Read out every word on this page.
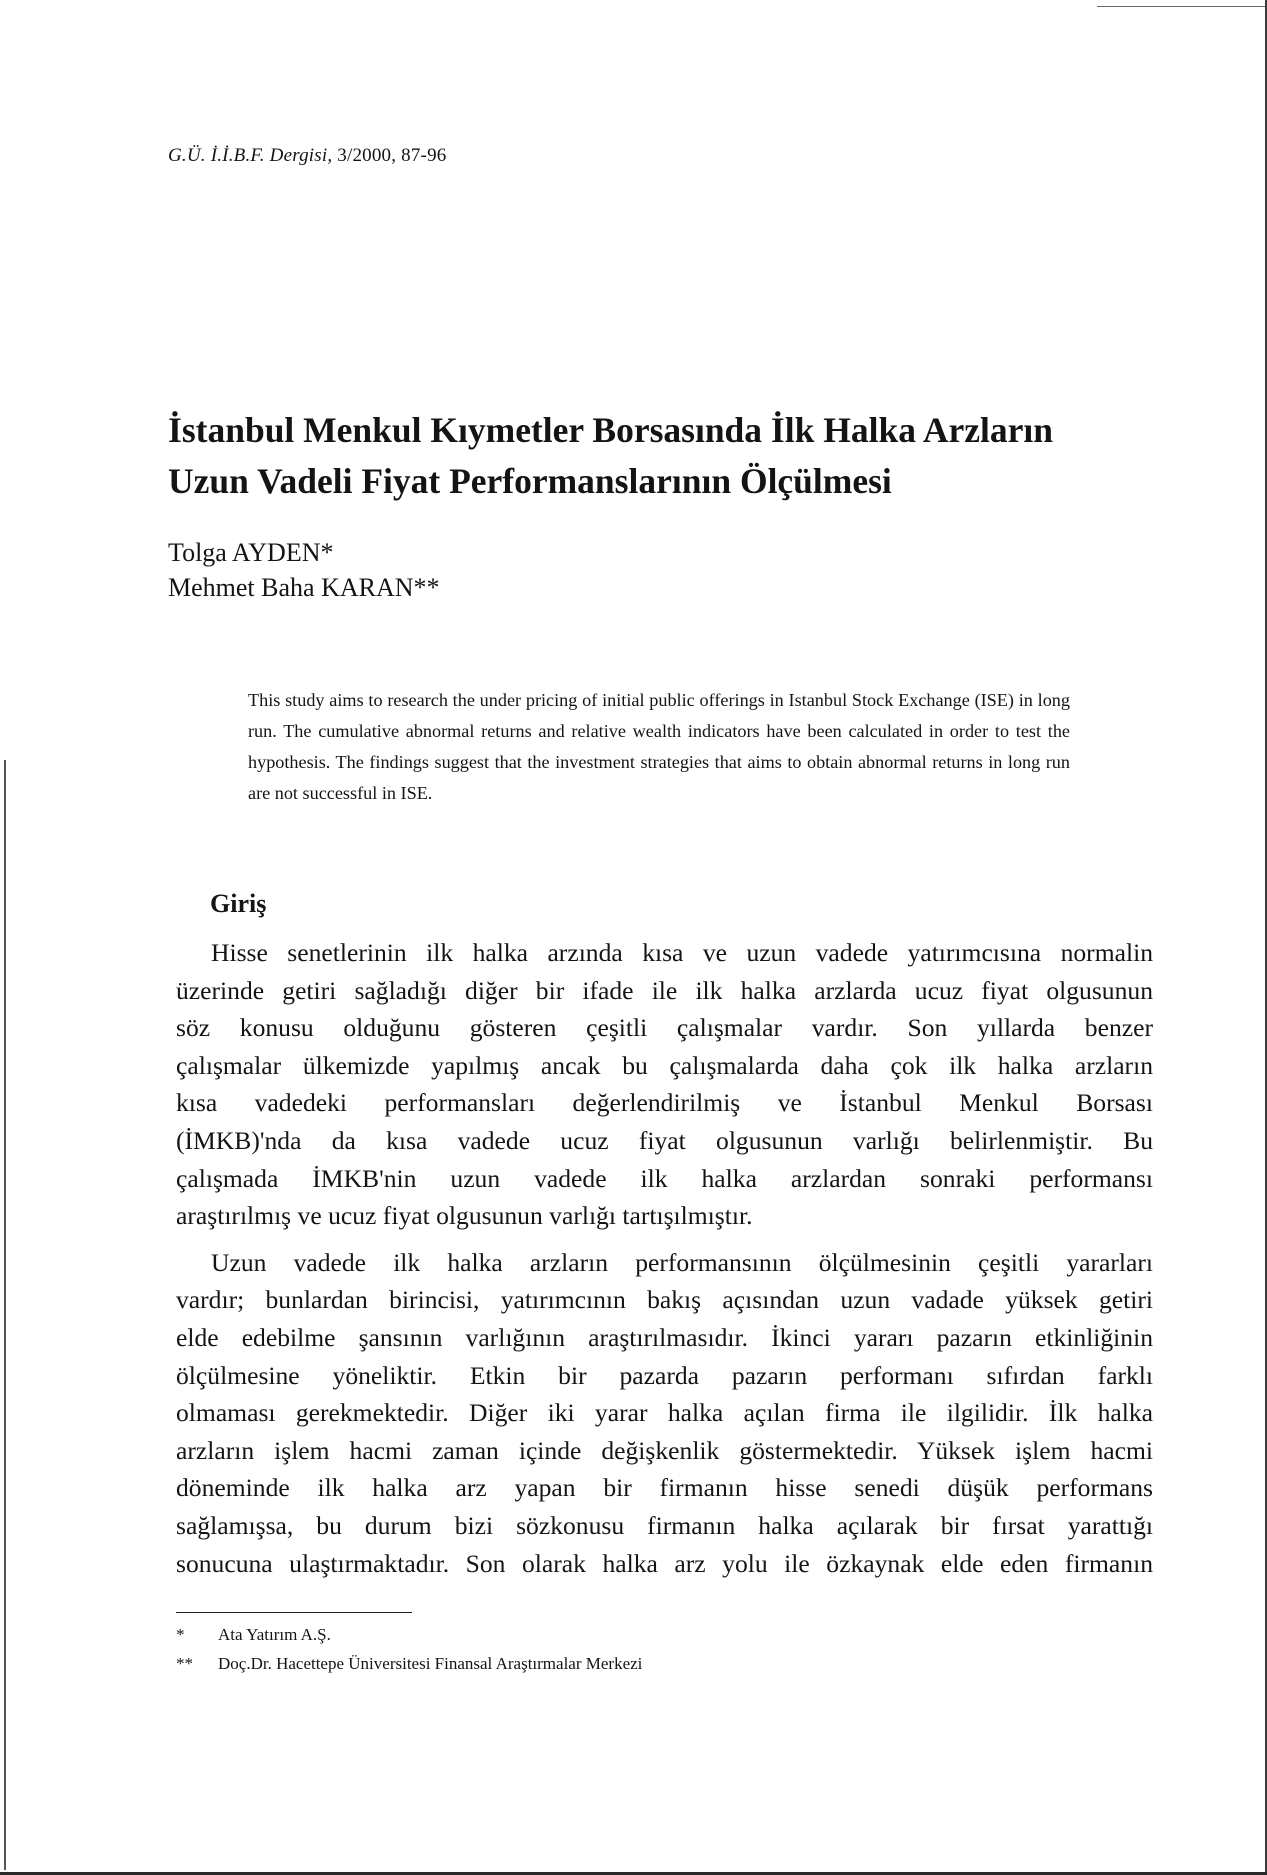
G.Ü. İ.İ.B.F. Dergisi, 3/2000, 87-96
İstanbul Menkul Kıymetler Borsasında İlk Halka Arzların
Uzun Vadeli Fiyat Performanslarının Ölçülmesi
Tolga AYDEN*
Mehmet Baha KARAN**

This study aims to research the under pricing of initial public offerings in Istanbul Stock Exchange (ISE) in long run. The cumulative abnormal returns and relative wealth indicators have been calculated in order to test the hypothesis. The findings suggest that the investment strategies that aims to obtain abnormal returns in long run are not successful in ISE.

Giriş

Hisse senetlerinin ilk halka arzında kısa ve uzun vadede yatırımcısına normalin
üzerinde getiri sağladığı diğer bir ifade ile ilk halka arzlarda ucuz fiyat olgusunun
söz konusu olduğunu gösteren çeşitli çalışmalar vardır. Son yıllarda benzer
çalışmalar ülkemizde yapılmış ancak bu çalışmalarda daha çok ilk halka arzların
kısa vadedeki performansları değerlendirilmiş ve İstanbul Menkul Borsası
(İMKB)'nda da kısa vadede ucuz fiyat olgusunun varlığı belirlenmiştir. Bu
çalışmada İMKB'nin uzun vadede ilk halka arzlardan sonraki performansı
araştırılmış ve ucuz fiyat olgusunun varlığı tartışılmıştır.

Uzun vadede ilk halka arzların performansının ölçülmesinin çeşitli yararları
vardır; bunlardan birincisi, yatırımcının bakış açısından uzun vadade yüksek getiri
elde edebilme şansının varlığının araştırılmasıdır. İkinci yararı pazarın etkinliğinin
ölçülmesine yöneliktir. Etkin bir pazarda pazarın performanı sıfırdan farklı
olmaması gerekmektedir. Diğer iki yarar halka açılan firma ile ilgilidir. İlk halka
arzların işlem hacmi zaman içinde değişkenlik göstermektedir. Yüksek işlem hacmi
döneminde ilk halka arz yapan bir firmanın hisse senedi düşük performans
sağlamışsa, bu durum bizi sözkonusu firmanın halka açılarak bir fırsat yarattığı
sonucuna ulaştırmaktadır. Son olarak halka arz yolu ile özkaynak elde eden firmanın

* Ata Yatırım A.Ş.
** Doç.Dr. Hacettepe Üniversitesi Finansal Araştırmalar Merkezi
